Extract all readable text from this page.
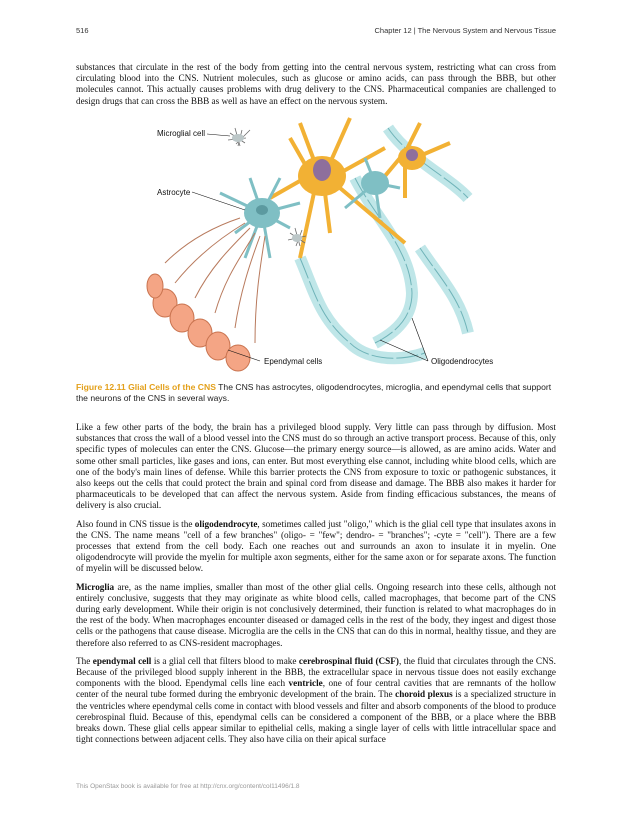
516	Chapter 12 | The Nervous System and Nervous Tissue

substances that circulate in the rest of the body from getting into the central nervous system, restricting what can cross from circulating blood into the CNS. Nutrient molecules, such as glucose or amino acids, can pass through the BBB, but other molecules cannot. This actually causes problems with drug delivery to the CNS. Pharmaceutical companies are challenged to design drugs that can cross the BBB as well as have an effect on the nervous system.

Microglial cell
Astrocyte
Ependymal cells	Oligodendrocytes
Figure 12.11 Glial Cells of the CNS The CNS has astrocytes, oligodendrocytes, microglia, and ependymal cells that support the neurons of the CNS in several ways.

Like a few other parts of the body, the brain has a privileged blood supply. Very little can pass through by diffusion. Most substances that cross the wall of a blood vessel into the CNS must do so through an active transport process. Because of this, only specific types of molecules can enter the CNS. Glucose—the primary energy source—is allowed, as are amino acids. Water and some other small particles, like gases and ions, can enter. But most everything else cannot, including white blood cells, which are one of the body's main lines of defense. While this barrier protects the CNS from exposure to toxic or pathogenic substances, it also keeps out the cells that could protect the brain and spinal cord from disease and damage. The BBB also makes it harder for pharmaceuticals to be developed that can affect the nervous system. Aside from finding efficacious substances, the means of delivery is also crucial.

Also found in CNS tissue is the oligodendrocyte, sometimes called just "oligo," which is the glial cell type that insulates axons in the CNS. The name means "cell of a few branches" (oligo- = "few"; dendro- = "branches"; -cyte = "cell"). There are a few processes that extend from the cell body. Each one reaches out and surrounds an axon to insulate it in myelin. One oligodendrocyte will provide the myelin for multiple axon segments, either for the same axon or for separate axons. The function of myelin will be discussed below.

Microglia are, as the name implies, smaller than most of the other glial cells. Ongoing research into these cells, although not entirely conclusive, suggests that they may originate as white blood cells, called macrophages, that become part of the CNS during early development. While their origin is not conclusively determined, their function is related to what macrophages do in the rest of the body. When macrophages encounter diseased or damaged cells in the rest of the body, they ingest and digest those cells or the pathogens that cause disease. Microglia are the cells in the CNS that can do this in normal, healthy tissue, and they are therefore also referred to as CNS-resident macrophages.

The ependymal cell is a glial cell that filters blood to make cerebrospinal fluid (CSF), the fluid that circulates through the CNS. Because of the privileged blood supply inherent in the BBB, the extracellular space in nervous tissue does not easily exchange components with the blood. Ependymal cells line each ventricle, one of four central cavities that are remnants of the hollow center of the neural tube formed during the embryonic development of the brain. The choroid plexus is a specialized structure in the ventricles where ependymal cells come in contact with blood vessels and filter and absorb components of the blood to produce cerebrospinal fluid. Because of this, ependymal cells can be considered a component of the BBB, or a place where the BBB breaks down. These glial cells appear similar to epithelial cells, making a single layer of cells with little intracellular space and tight connections between adjacent cells. They also have cilia on their apical surface

This OpenStax book is available for free at http://cnx.org/content/col11496/1.8
